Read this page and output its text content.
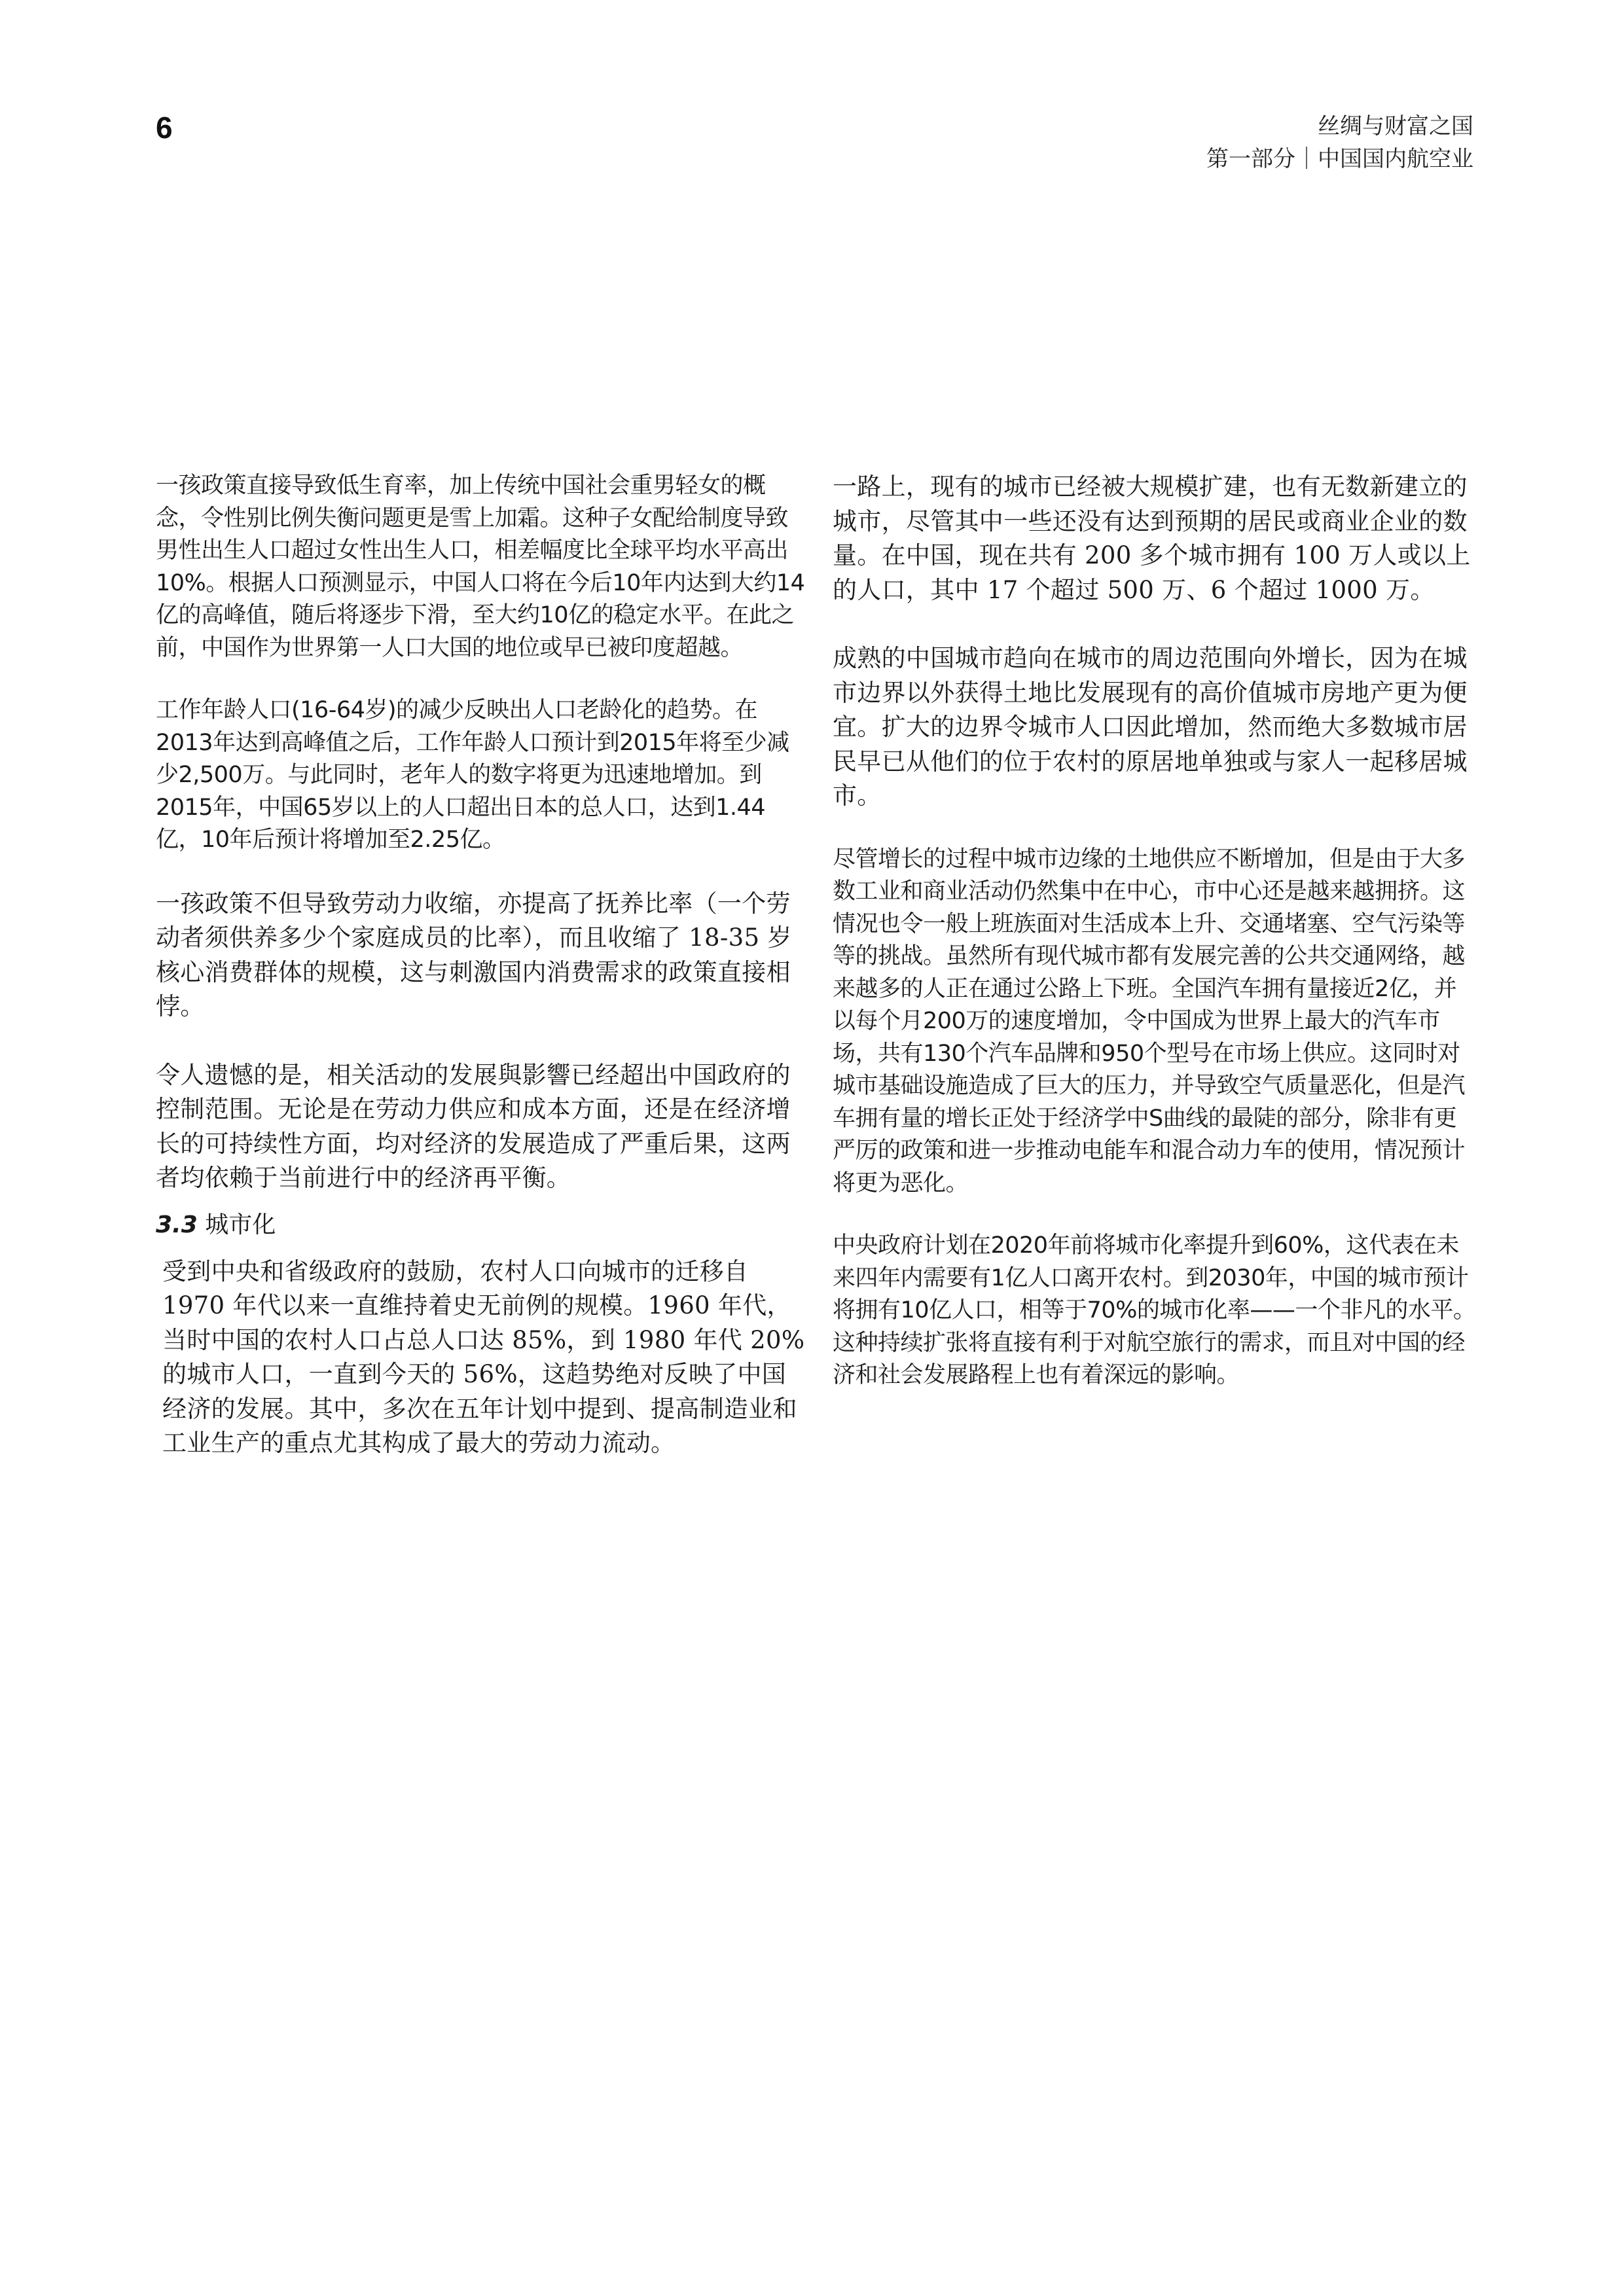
6	丝绸与财富之国
第一部分｜中国国内航空业

一孩政策直接导致低生育率，加上传统中国社会重男轻女的概念，令性别比例失衡问题更是雪上加霜。这种子女配给制度导致男性出生人口超过女性出生人口，相差幅度比全球平均水平高出10%。根据人口预测显示，中国人口将在今后10年内达到大约14亿的高峰值，随后将逐步下滑，至大约10亿的稳定水平。在此之前，中国作为世界第一人口大国的地位或早已被印度超越。

工作年龄人口(16-64岁)的减少反映出人口老龄化的趋势。在2013年达到高峰值之后，工作年龄人口预计到2015年将至少减少2,500万。与此同时，老年人的数字将更为迅速地增加。到2015年，中国65岁以上的人口超出日本的总人口，达到1.44亿，10年后预计将增加至2.25亿。

一孩政策不但导致劳动力收缩，亦提高了抚养比率（一个劳动者须供养多少个家庭成员的比率），而且收缩了 18-35 岁核心消费群体的规模，这与刺激国内消费需求的政策直接相悖。

令人遗憾的是，相关活动的发展與影響已经超出中国政府的控制范围。无论是在劳动力供应和成本方面，还是在经济增长的可持续性方面，均对经济的发展造成了严重后果，这两者均依赖于当前进行中的经济再平衡。

3.3 城市化

受到中央和省级政府的鼓励，农村人口向城市的迁移自 1970 年代以来一直维持着史无前例的规模。1960 年代，当时中国的农村人口占总人口达 85%，到 1980 年代 20%的城市人口，一直到今天的 56%，这趋势绝对反映了中国经济的发展。其中，多次在五年计划中提到、提高制造业和工业生产的重点尤其构成了最大的劳动力流动。

一路上，现有的城市已经被大规模扩建，也有无数新建立的城市，尽管其中一些还没有达到预期的居民或商业企业的数量。在中国，现在共有 200 多个城市拥有 100 万人或以上的人口，其中 17 个超过 500 万、6 个超过 1000 万。

成熟的中国城市趋向在城市的周边范围向外增长，因为在城市边界以外获得土地比发展现有的高价值城市房地产更为便宜。扩大的边界令城市人口因此增加，然而绝大多数城市居民早已从他们的位于农村的原居地单独或与家人一起移居城市。

尽管增长的过程中城市边缘的土地供应不断增加，但是由于大多数工业和商业活动仍然集中在中心，市中心还是越来越拥挤。这情况也令一般上班族面对生活成本上升、交通堵塞、空气污染等等的挑战。虽然所有现代城市都有发展完善的公共交通网络，越来越多的人正在通过公路上下班。全国汽车拥有量接近2亿，并以每个月200万的速度增加，令中国成为世界上最大的汽车市场，共有130个汽车品牌和950个型号在市场上供应。这同时对城市基础设施造成了巨大的压力，并导致空气质量恶化，但是汽车拥有量的增长正处于经济学中S曲线的最陡的部分，除非有更严厉的政策和进一步推动电能车和混合动力车的使用，情况预计将更为恶化。

中央政府计划在2020年前将城市化率提升到60%，这代表在未来四年内需要有1亿人口离开农村。到2030年，中国的城市预计将拥有10亿人口，相等于70%的城市化率——一个非凡的水平。这种持续扩张将直接有利于对航空旅行的需求，而且对中国的经济和社会发展路程上也有着深远的影响。
